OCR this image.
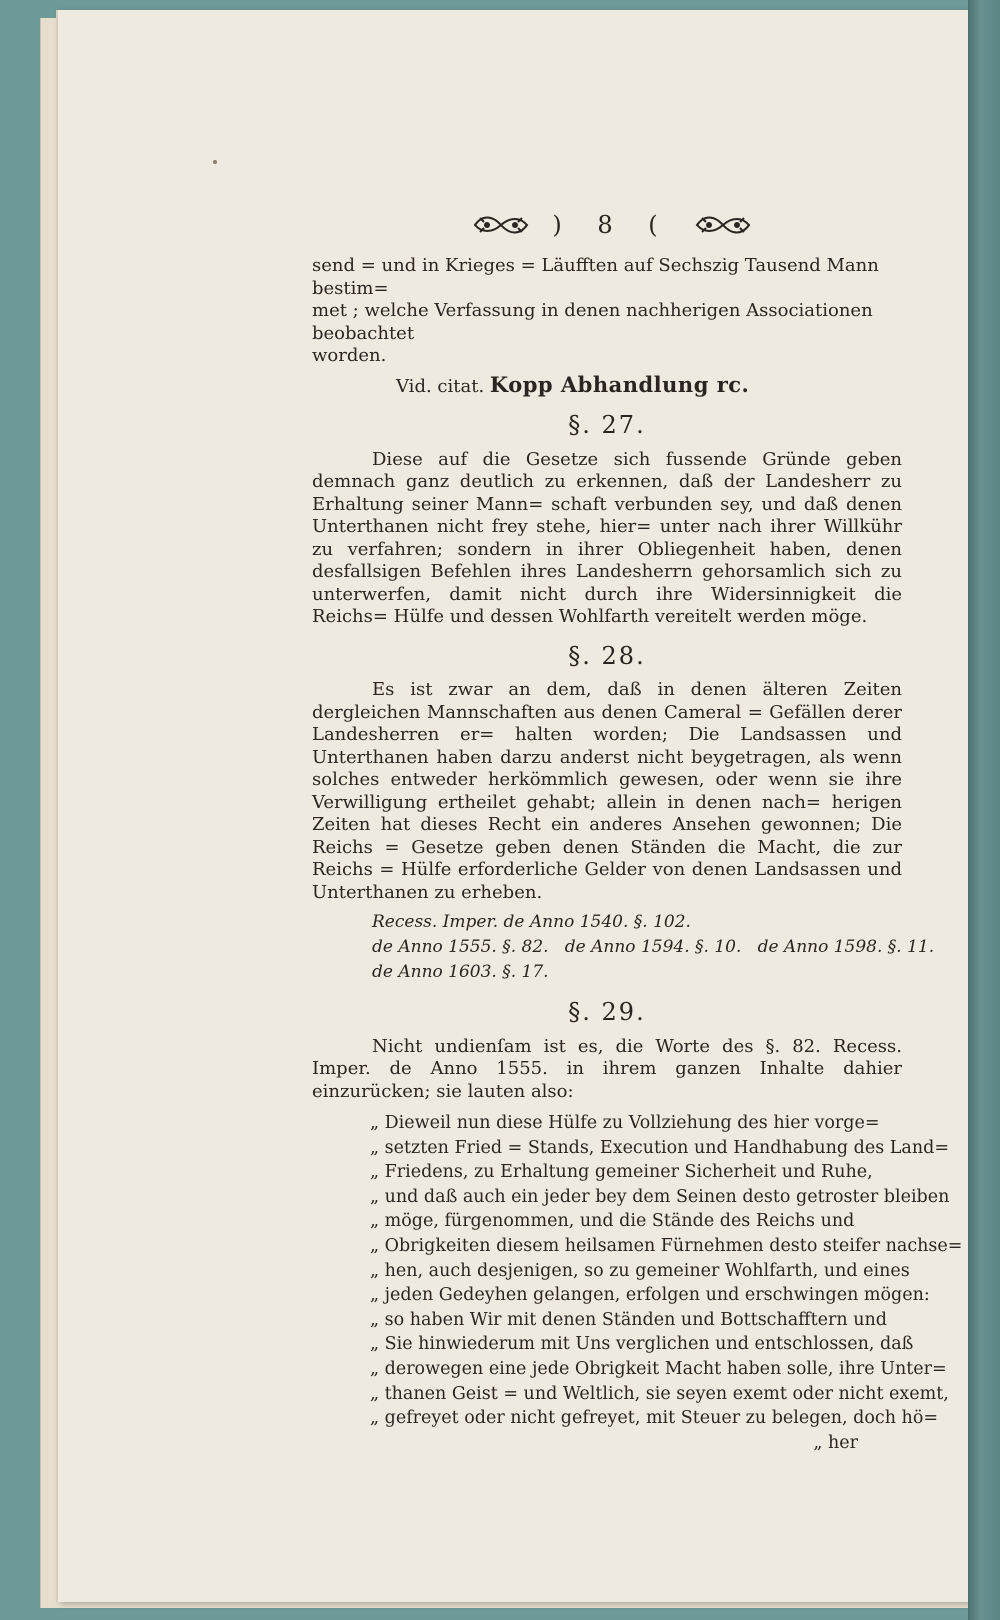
) 8 (
send = und in Krieges = Läufften auf Sechszig Tausend Mann bestim=
met ; welche Verfassung in denen nachherigen Associationen beobachtet
worden.
Vid. citat. Kopp Abhandlung rc.
§. 27.

Diese auf die Gesetze sich fussende Gründe geben demnach ganz deutlich zu erkennen, daß der Landesherr zu Erhaltung seiner Mann= schaft verbunden sey, und daß denen Unterthanen nicht frey stehe, hier= unter nach ihrer Willkühr zu verfahren; sondern in ihrer Obliegenheit haben, denen desfallsigen Befehlen ihres Landesherrn gehorsamlich sich zu unterwerfen, damit nicht durch ihre Widersinnigkeit die Reichs= Hülfe und dessen Wohlfarth vereitelt werden möge.

§. 28.

Es ist zwar an dem, daß in denen älteren Zeiten dergleichen Mannschaften aus denen Cameral = Gefällen derer Landesherren er= halten worden; Die Landsassen und Unterthanen haben darzu anderst nicht beygetragen, als wenn solches entweder herkömmlich gewesen, oder wenn sie ihre Verwilligung ertheilet gehabt; allein in denen nach= herigen Zeiten hat dieses Recht ein anderes Ansehen gewonnen; Die Reichs = Gesetze geben denen Ständen die Macht, die zur Reichs = Hülfe erforderliche Gelder von denen Landsassen und Unterthanen zu erheben.

Recess. Imper. de Anno 1540. §. 102.
de Anno 1555. §. 82.   de Anno 1594. §. 10.   de Anno 1598. §. 11.
de Anno 1603. §. 17.
§. 29.

Nicht undienſam ist es, die Worte des §. 82. Recess. Imper. de Anno 1555. in ihrem ganzen Inhalte dahier einzurücken; sie lauten also:

„ Dieweil nun diese Hülfe zu Vollziehung des hier vorge=
„ setzten Fried = Stands, Execution und Handhabung des Land=
„ Friedens, zu Erhaltung gemeiner Sicherheit und Ruhe,
„ und daß auch ein jeder bey dem Seinen desto getroster bleiben
„ möge, fürgenommen, und die Stände des Reichs und
„ Obrigkeiten diesem heilsamen Fürnehmen desto steifer nachse=
„ hen, auch desjenigen, so zu gemeiner Wohlfarth, und eines
„ jeden Gedeyhen gelangen, erfolgen und erschwingen mögen:
„ so haben Wir mit denen Ständen und Bottschafftern und
„ Sie hinwiederum mit Uns verglichen und entschlossen, daß
„ derowegen eine jede Obrigkeit Macht haben solle, ihre Unter=
„ thanen Geist = und Weltlich, sie seyen exemt oder nicht exemt,
„ gefreyet oder nicht gefreyet, mit Steuer zu belegen, doch hö=
„ her
